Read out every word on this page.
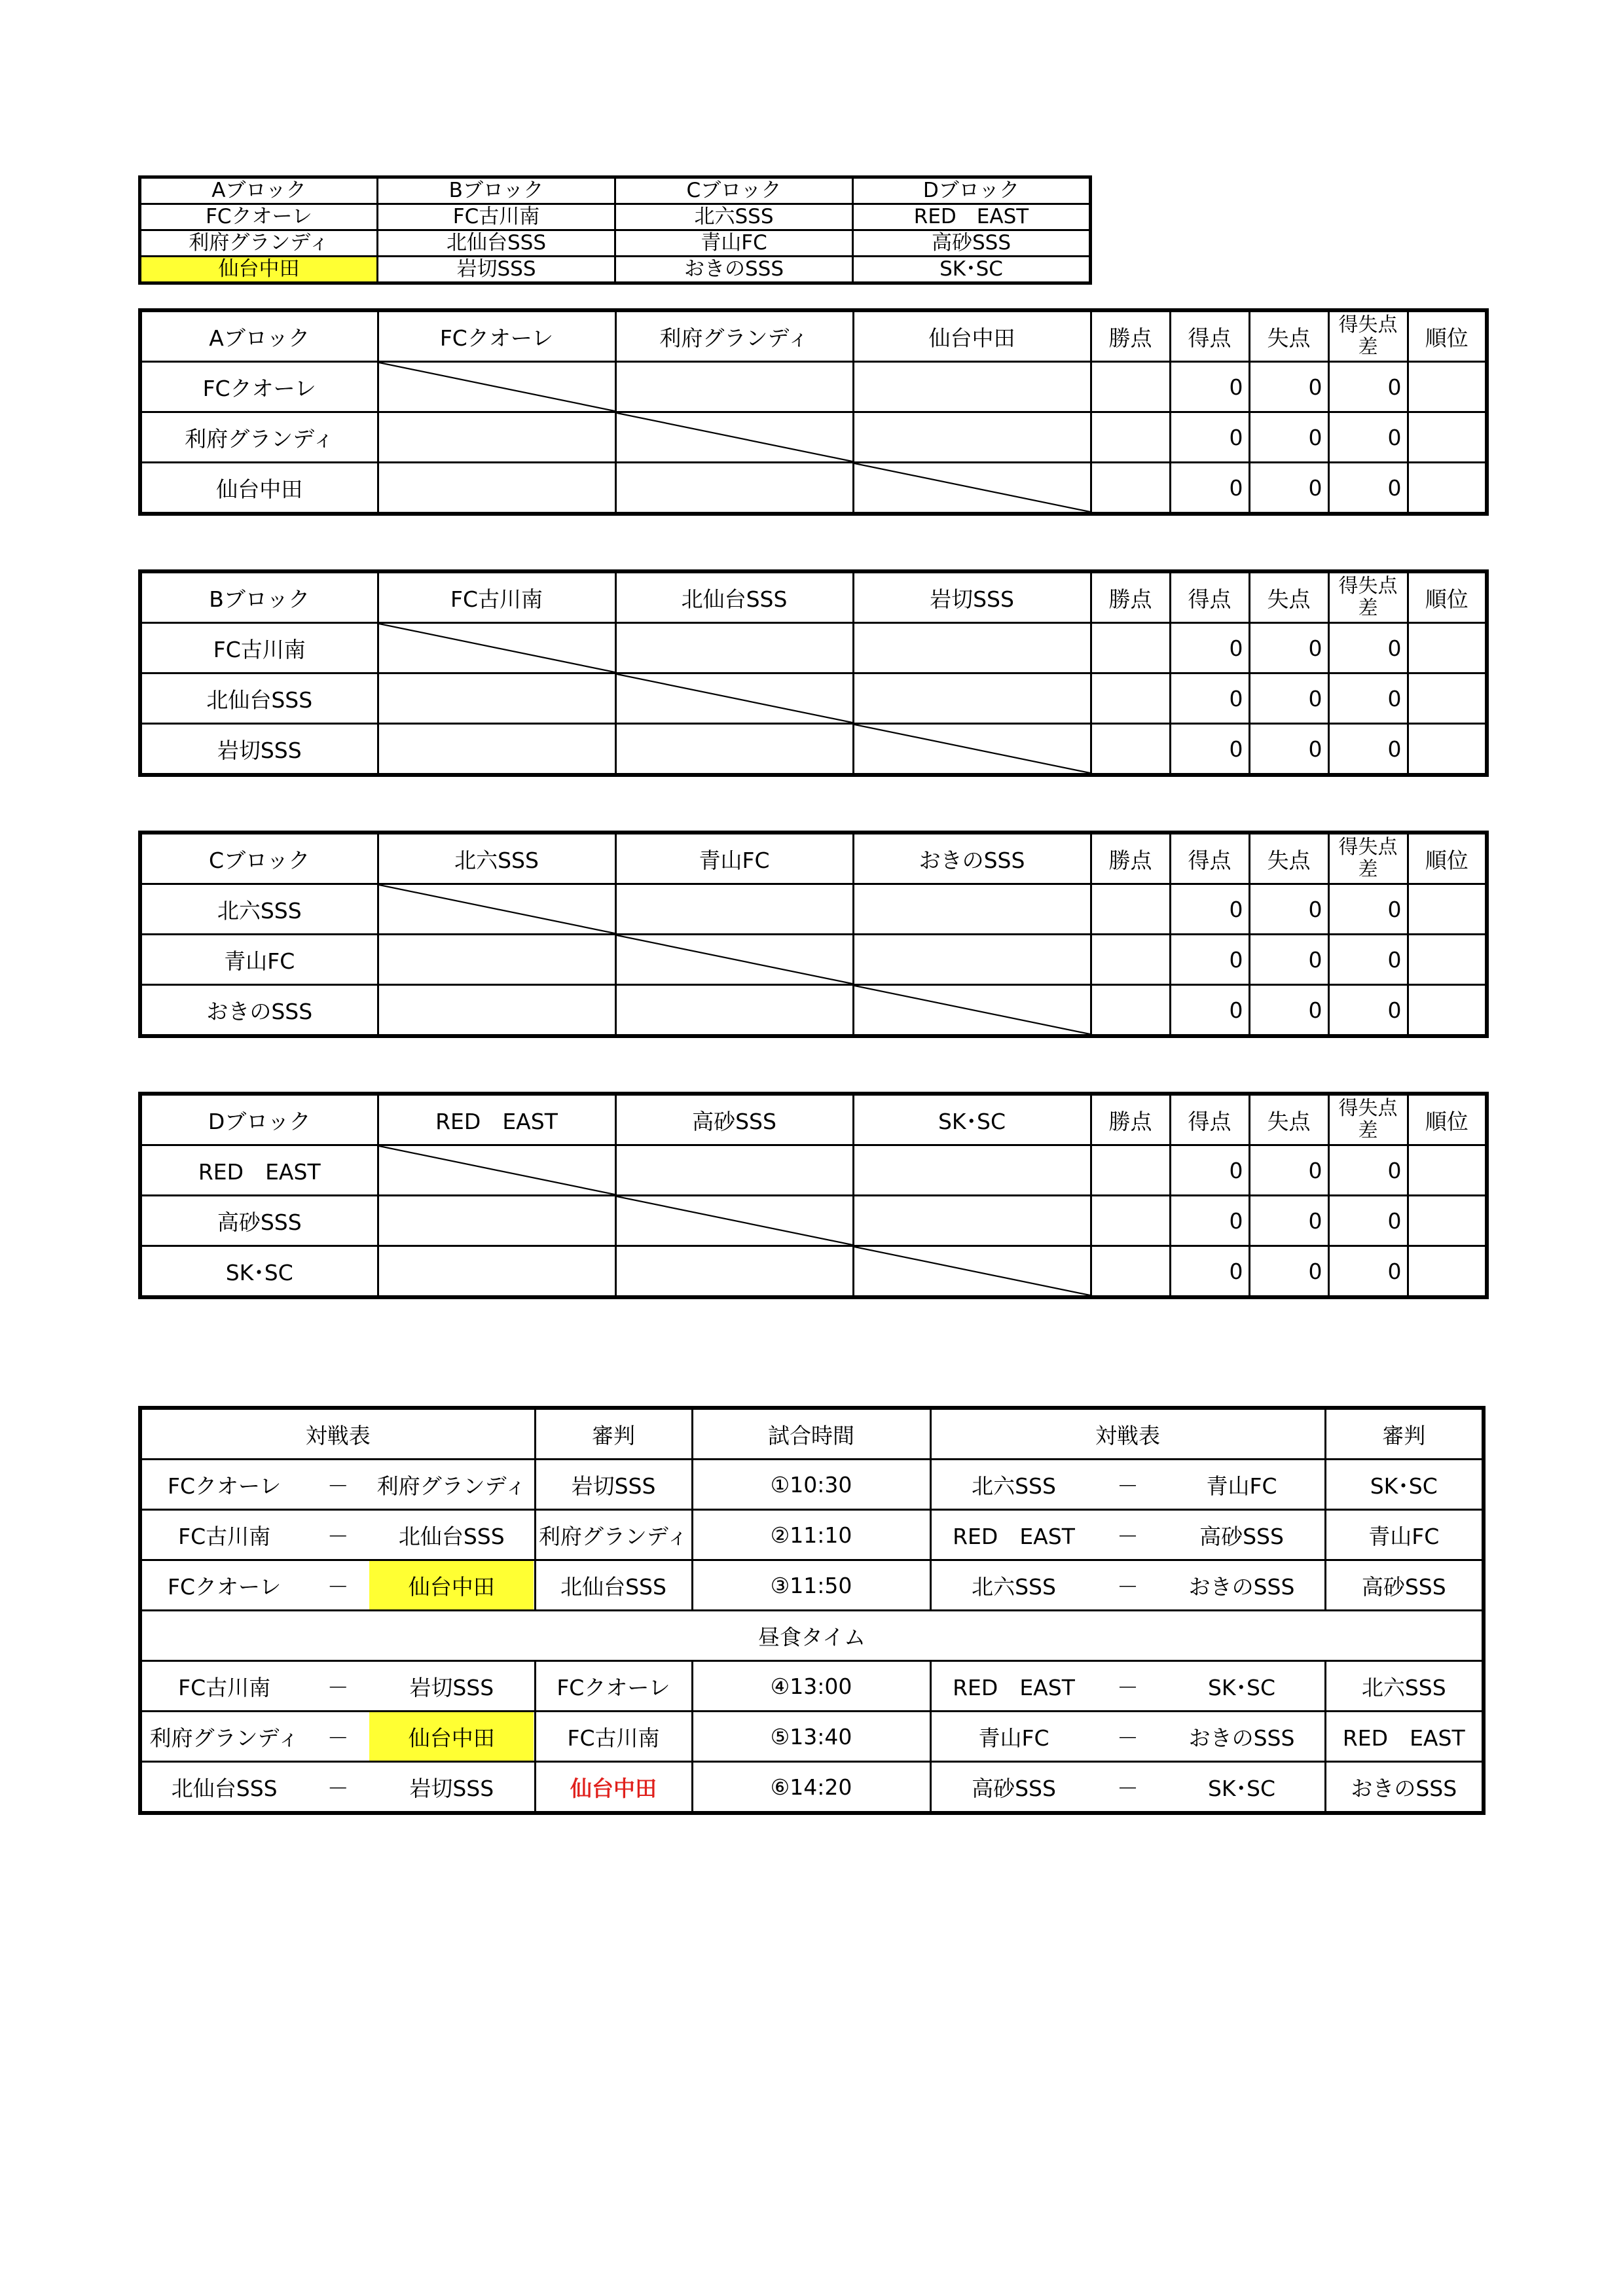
Aブロック	Bブロック	Cブロック	Dブロック
FCクオーレ	FC古川南	北六SSS	RED　EAST
利府グランディ	北仙台SSS	青山FC	高砂SSS
仙台中田	岩切SSS	おきのSSS	SK･SC
Aブロック	FCクオーレ	利府グランディ	仙台中田	勝点	得点	失点	得失点差	順位
FCクオーレ					0	0	0	
利府グランディ					0	0	0	
仙台中田					0	0	0	
Bブロック	FC古川南	北仙台SSS	岩切SSS	勝点	得点	失点	得失点差	順位
FC古川南					0	0	0	
北仙台SSS					0	0	0	
岩切SSS					0	0	0	
Cブロック	北六SSS	青山FC	おきのSSS	勝点	得点	失点	得失点差	順位
北六SSS					0	0	0	
青山FC					0	0	0	
おきのSSS					0	0	0	
Dブロック	RED　EAST	高砂SSS	SK･SC	勝点	得点	失点	得失点差	順位
RED　EAST					0	0	0	
高砂SSS					0	0	0	
SK･SC					0	0	0	
対戦表	審判	試合時間	対戦表	審判

FCクオーレ － 利府グランディ	岩切SSS	①10:30	北六SSS － 青山FC	SK･SC

FC古川南 － 北仙台SSS	利府グランディ	②11:10	RED　EAST － 高砂SSS	青山FC

FCクオーレ － 仙台中田	北仙台SSS	③11:50	北六SSS － おきのSSS	高砂SSS
昼食タイム				

FC古川南 － 岩切SSS	FCクオーレ	④13:00	RED　EAST － SK･SC	北六SSS

利府グランディ － 仙台中田	FC古川南	⑤13:40	青山FC － おきのSSS	RED　EAST

北仙台SSS － 岩切SSS	仙台中田	⑥14:20	高砂SSS － SK･SC	おきのSSS
